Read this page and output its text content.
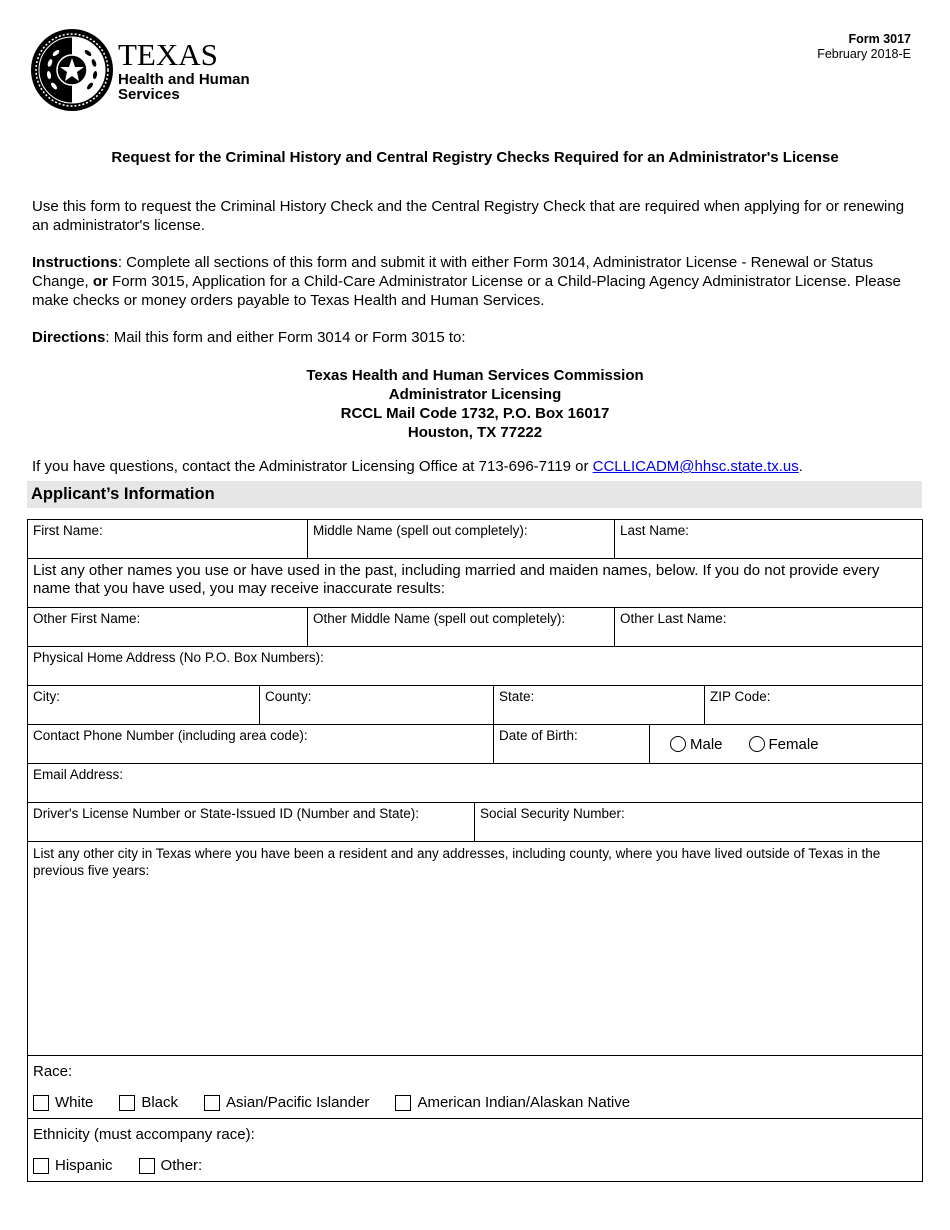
TEXAS
Health and Human
Services
Form 3017
February 2018-E
Request for the Criminal History and Central Registry Checks Required for an Administrator's License
Use this form to request the Criminal History Check and the Central Registry Check that are required when applying for or renewing an administrator's license.
Instructions: Complete all sections of this form and submit it with either Form 3014, Administrator License - Renewal or Status Change, or Form 3015, Application for a Child-Care Administrator License or a Child-Placing Agency Administrator License. Please make checks or money orders payable to Texas Health and Human Services.
Directions: Mail this form and either Form 3014 or Form 3015 to:
Texas Health and Human Services Commission
Administrator Licensing
RCCL Mail Code 1732, P.O. Box 16017
Houston, TX 77222
If you have questions, contact the Administrator Licensing Office at 713-696-7119 or CCLLICADM@hhsc.state.tx.us.
Applicant’s Information
First Name:	Middle Name (spell out completely):	Last Name:
List any other names you use or have used in the past, including married and maiden names, below. If you do not provide every name that you have used, you may receive inaccurate results:
Other First Name:	Other Middle Name (spell out completely):	Other Last Name:
Physical Home Address (No P.O. Box Numbers):
City:	County:	State:	ZIP Code:
Contact Phone Number (including area code):	Date of Birth:	Male	Female
Email Address:
Driver's License Number or State-Issued ID (Number and State):	Social Security Number:
List any other city in Texas where you have been a resident and any addresses, including county, where you have lived outside of Texas in the previous five years:
Race:
White	Black	Asian/Pacific Islander	American Indian/Alaskan Native
Ethnicity (must accompany race):
Hispanic	Other:
